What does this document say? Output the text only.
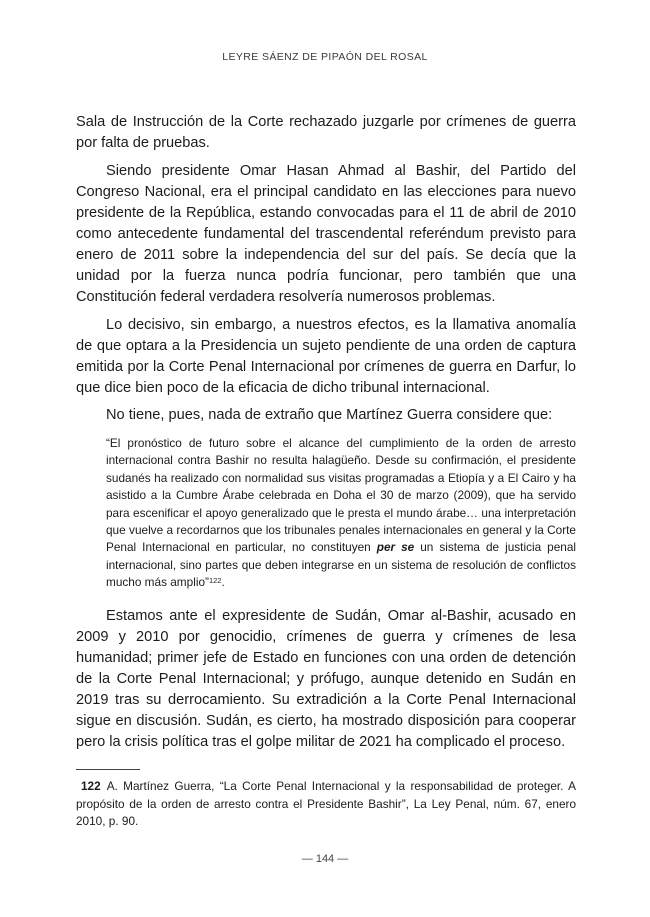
LEYRE SÁENZ DE PIPAÓN DEL ROSAL

Sala de Instrucción de la Corte rechazado juzgarle por crímenes de guerra por falta de pruebas.

Siendo presidente Omar Hasan Ahmad al Bashir, del Partido del Congreso Nacional, era el principal candidato en las elecciones para nuevo presidente de la República, estando convocadas para el 11 de abril de 2010 como antecedente fundamental del trascendental referéndum previsto para enero de 2011 sobre la independencia del sur del país. Se decía que la unidad por la fuerza nunca podría funcionar, pero también que una Constitución federal verdadera resolvería numerosos problemas.

Lo decisivo, sin embargo, a nuestros efectos, es la llamativa anomalía de que optara a la Presidencia un sujeto pendiente de una orden de captura emitida por la Corte Penal Internacional por crímenes de guerra en Darfur, lo que dice bien poco de la eficacia de dicho tribunal internacional.

No tiene, pues, nada de extraño que Martínez Guerra considere que:

“El pronóstico de futuro sobre el alcance del cumplimiento de la orden de arresto internacional contra Bashir no resulta halagüeño. Desde su confirmación, el presidente sudanés ha realizado con normalidad sus visitas programadas a Etiopía y a El Cairo y ha asistido a la Cumbre Árabe celebrada en Doha el 30 de marzo (2009), que ha servido para escenificar el apoyo generalizado que le presta el mundo árabe… una interpretación que vuelve a recordarnos que los tribunales penales internacionales en general y la Corte Penal Internacional en particular, no constituyen per se un sistema de justicia penal internacional, sino partes que deben integrarse en un sistema de resolución de conflictos mucho más amplio”$^{122}$.

Estamos ante el expresidente de Sudán, Omar al-Bashir, acusado en 2009 y 2010 por genocidio, crímenes de guerra y crímenes de lesa humanidad; primer jefe de Estado en funciones con una orden de detención de la Corte Penal Internacional; y prófugo, aunque detenido en Sudán en 2019 tras su derrocamiento. Su extradición a la Corte Penal Internacional sigue en discusión. Sudán, es cierto, ha mostrado disposición para cooperar pero la crisis política tras el golpe militar de 2021 ha complicado el proceso.

122 A. Martínez Guerra, “La Corte Penal Internacional y la responsabilidad de proteger. A propósito de la orden de arresto contra el Presidente Bashir”, La Ley Penal, núm. 67, enero 2010, p. 90.

— 144 —
